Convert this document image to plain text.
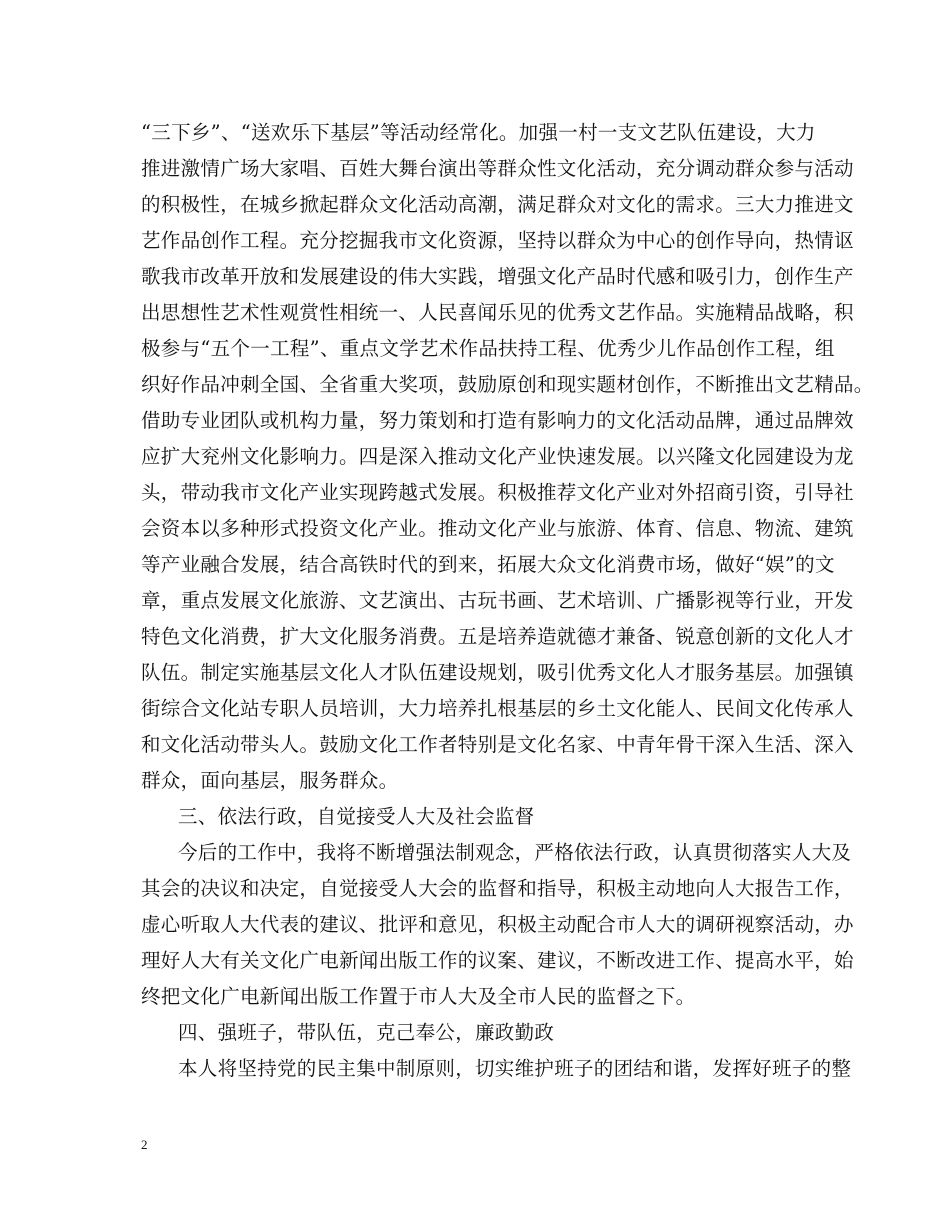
“三下乡”、“送欢乐下基层”等活动经常化。加强一村一支文艺队伍建设，大力
推进激情广场大家唱、百姓大舞台演出等群众性文化活动，充分调动群众参与活动
的积极性，在城乡掀起群众文化活动高潮，满足群众对文化的需求。三大力推进文
艺作品创作工程。充分挖掘我市文化资源，坚持以群众为中心的创作导向，热情讴
歌我市改革开放和发展建设的伟大实践，增强文化产品时代感和吸引力，创作生产
出思想性艺术性观赏性相统一、人民喜闻乐见的优秀文艺作品。实施精品战略，积
极参与“五个一工程”、重点文学艺术作品扶持工程、优秀少儿作品创作工程，组
织好作品冲刺全国、全省重大奖项，鼓励原创和现实题材创作，不断推出文艺精品。
借助专业团队或机构力量，努力策划和打造有影响力的文化活动品牌，通过品牌效
应扩大兖州文化影响力。四是深入推动文化产业快速发展。以兴隆文化园建设为龙
头，带动我市文化产业实现跨越式发展。积极推荐文化产业对外招商引资，引导社
会资本以多种形式投资文化产业。推动文化产业与旅游、体育、信息、物流、建筑
等产业融合发展，结合高铁时代的到来，拓展大众文化消费市场，做好“娱”的文
章，重点发展文化旅游、文艺演出、古玩书画、艺术培训、广播影视等行业，开发
特色文化消费，扩大文化服务消费。五是培养造就德才兼备、锐意创新的文化人才
队伍。制定实施基层文化人才队伍建设规划，吸引优秀文化人才服务基层。加强镇
街综合文化站专职人员培训，大力培养扎根基层的乡土文化能人、民间文化传承人
和文化活动带头人。鼓励文化工作者特别是文化名家、中青年骨干深入生活、深入
群众，面向基层，服务群众。
三、依法行政，自觉接受人大及社会监督
今后的工作中，我将不断增强法制观念，严格依法行政，认真贯彻落实人大及
其会的决议和决定，自觉接受人大会的监督和指导，积极主动地向人大报告工作，
虚心听取人大代表的建议、批评和意见，积极主动配合市人大的调研视察活动，办
理好人大有关文化广电新闻出版工作的议案、建议，不断改进工作、提高水平，始
终把文化广电新闻出版工作置于市人大及全市人民的监督之下。
四、强班子，带队伍，克己奉公，廉政勤政
本人将坚持党的民主集中制原则，切实维护班子的团结和谐，发挥好班子的整
2
